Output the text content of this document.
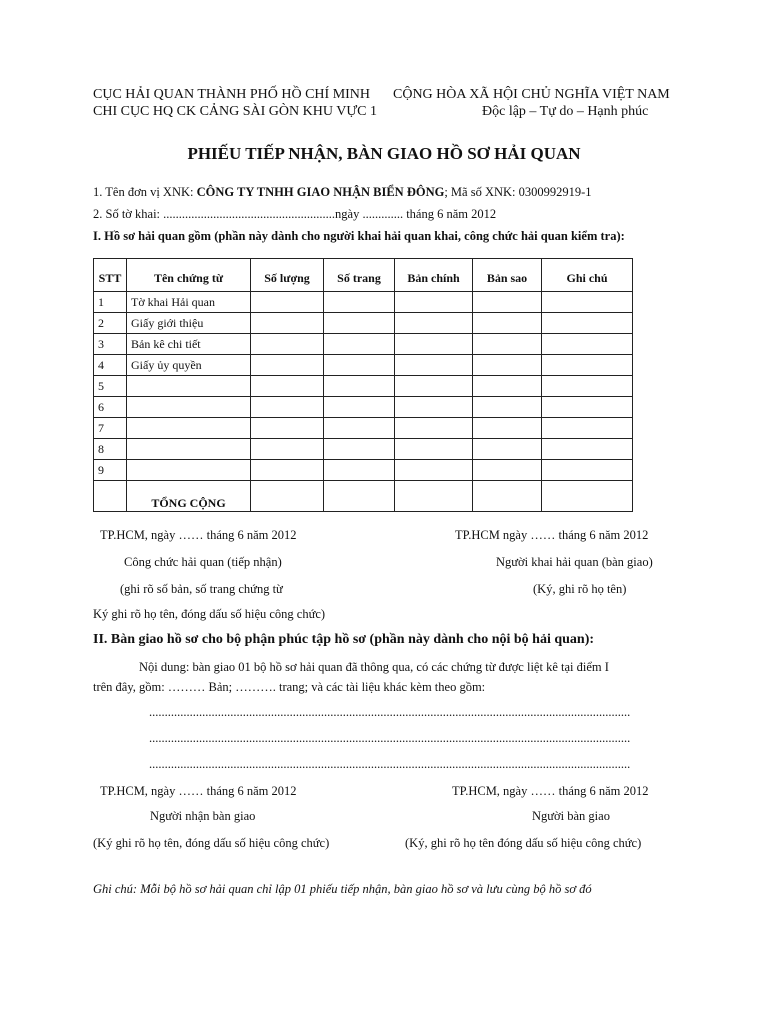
CỤC HẢI QUAN THÀNH PHỐ HỒ CHÍ MINH
CHI CỤC HQ CK CẢNG SÀI GÒN KHU VỰC 1
CỘNG HÒA XÃ HỘI CHỦ NGHĨA VIỆT NAM
Độc lập – Tự do – Hạnh phúc
PHIẾU TIẾP NHẬN, BÀN GIAO HỒ SƠ HẢI QUAN
1. Tên đơn vị XNK: CÔNG TY TNHH GIAO NHẬN BIỂN ĐÔNG; Mã số XNK: 0300992919-1
2. Số tờ khai: .......................................................ngày ............. tháng 6 năm 2012
I. Hồ sơ hải quan gồm (phần này dành cho người khai hải quan khai, công chức hải quan kiểm tra):
STT	Tên chứng từ	Số lượng	Số trang	Bản chính	Bản sao	Ghi chú
1	Tờ khai Hải quan					
2	Giấy giới thiệu					
3	Bản kê chi tiết					
4	Giấy ủy quyền					
5						
6						
7						
8						
9						
	TỔNG CỘNG					
TP.HCM, ngày …… tháng 6 năm 2012	TP.HCM ngày …… tháng 6 năm 2012
Công chức hải quan (tiếp nhận)	Người khai hải quan (bàn giao)
(ghi rõ số bản, số trang chứng từ	(Ký, ghi rõ họ tên)
Ký ghi rõ họ tên, đóng dấu số hiệu công chức)
II. Bàn giao hồ sơ cho bộ phận phúc tập hồ sơ (phần này dành cho nội bộ hải quan):
Nội dung: bàn giao 01 bộ hồ sơ hải quan đã thông qua, có các chứng từ được liệt kê tại điểm I
trên đây, gồm: ……… Bản; ………. trang; và các tài liệu khác kèm theo gồm:
..........................................................................................................................................................
..........................................................................................................................................................
..........................................................................................................................................................
TP.HCM, ngày …… tháng 6 năm 2012	TP.HCM, ngày …… tháng 6 năm 2012
Người nhận bàn giao	Người bàn giao
(Ký ghi rõ họ tên, đóng dấu số hiệu công chức)	(Ký, ghi rõ họ tên đóng dấu số hiệu công chức)
Ghi chú: Mỗi bộ hồ sơ hải quan chỉ lập 01 phiếu tiếp nhận, bàn giao hồ sơ và lưu cùng bộ hồ sơ đó
